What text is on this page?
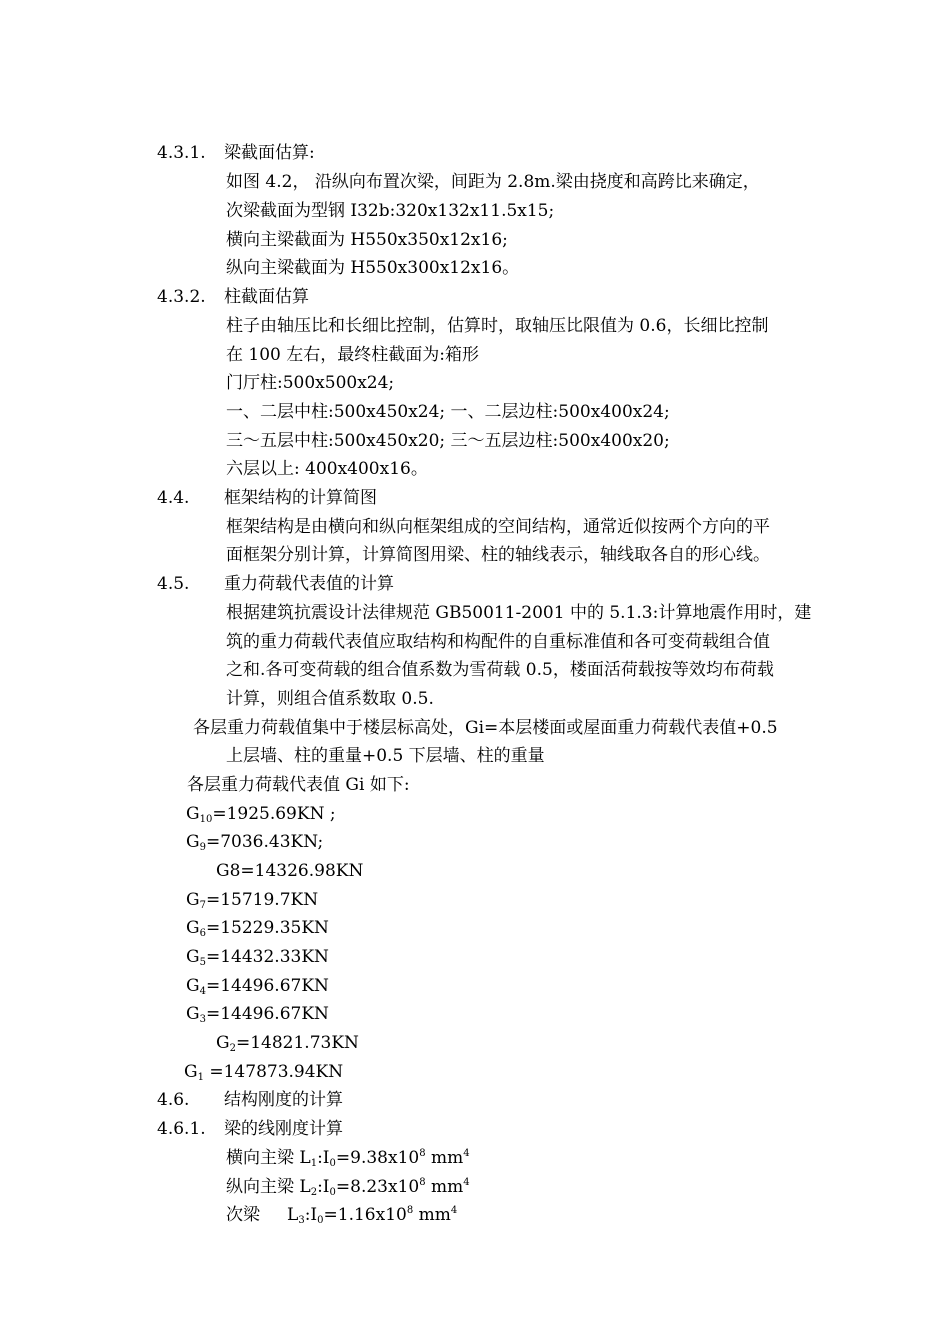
4.3.1. 梁截面估算:
如图 4.2， 沿纵向布置次梁，间距为 2.8m.梁由挠度和高跨比来确定，
次梁截面为型钢 I32b:320x132x11.5x15;
横向主梁截面为 H550x350x12x16;
纵向主梁截面为 H550x300x12x16。
4.3.2. 柱截面估算
柱子由轴压比和长细比控制，估算时，取轴压比限值为 0.6，长细比控制
在 100 左右，最终柱截面为:箱形
门厅柱:500x500x24;
一、二层中柱:500x450x24; 一、二层边柱:500x400x24;
三～五层中柱:500x450x20; 三～五层边柱:500x400x20;
六层以上: 400x400x16。
4.4. 框架结构的计算简图
框架结构是由横向和纵向框架组成的空间结构，通常近似按两个方向的平
面框架分别计算，计算简图用梁、柱的轴线表示，轴线取各自的形心线。
4.5. 重力荷载代表值的计算
根据建筑抗震设计法律规范 GB50011-2001 中的 5.1.3:计算地震作用时，建
筑的重力荷载代表值应取结构和构配件的自重标准值和各可变荷载组合值
之和.各可变荷载的组合值系数为雪荷载 0.5，楼面活荷载按等效均布荷载
计算，则组合值系数取 0.5.
各层重力荷载值集中于楼层标高处，Gi=本层楼面或屋面重力荷载代表值+0.5
上层墙、柱的重量+0.5 下层墙、柱的重量
各层重力荷载代表值 Gi 如下:
$G_{10}=1925.69KN$ ;
$G_9=7036.43KN$;
G8=14326.98KN
$G_7=15719.7KN$
$G_6=15229.35KN$
$G_5=14432.33KN$
$G_4=14496.67KN$
$G_3=14496.67KN$
$G_2=14821.73KN$
$G_1 =147873.94KN$
4.6. 结构刚度的计算
4.6.1. 梁的线刚度计算
横向主梁 $L_1:I_0=9.38x10^8$ $mm^4$
纵向主梁 $L_2:I_0=8.23x10^8$ $mm^4$
次梁     $L_3:I_0=1.16x10^8$ $mm^4$
